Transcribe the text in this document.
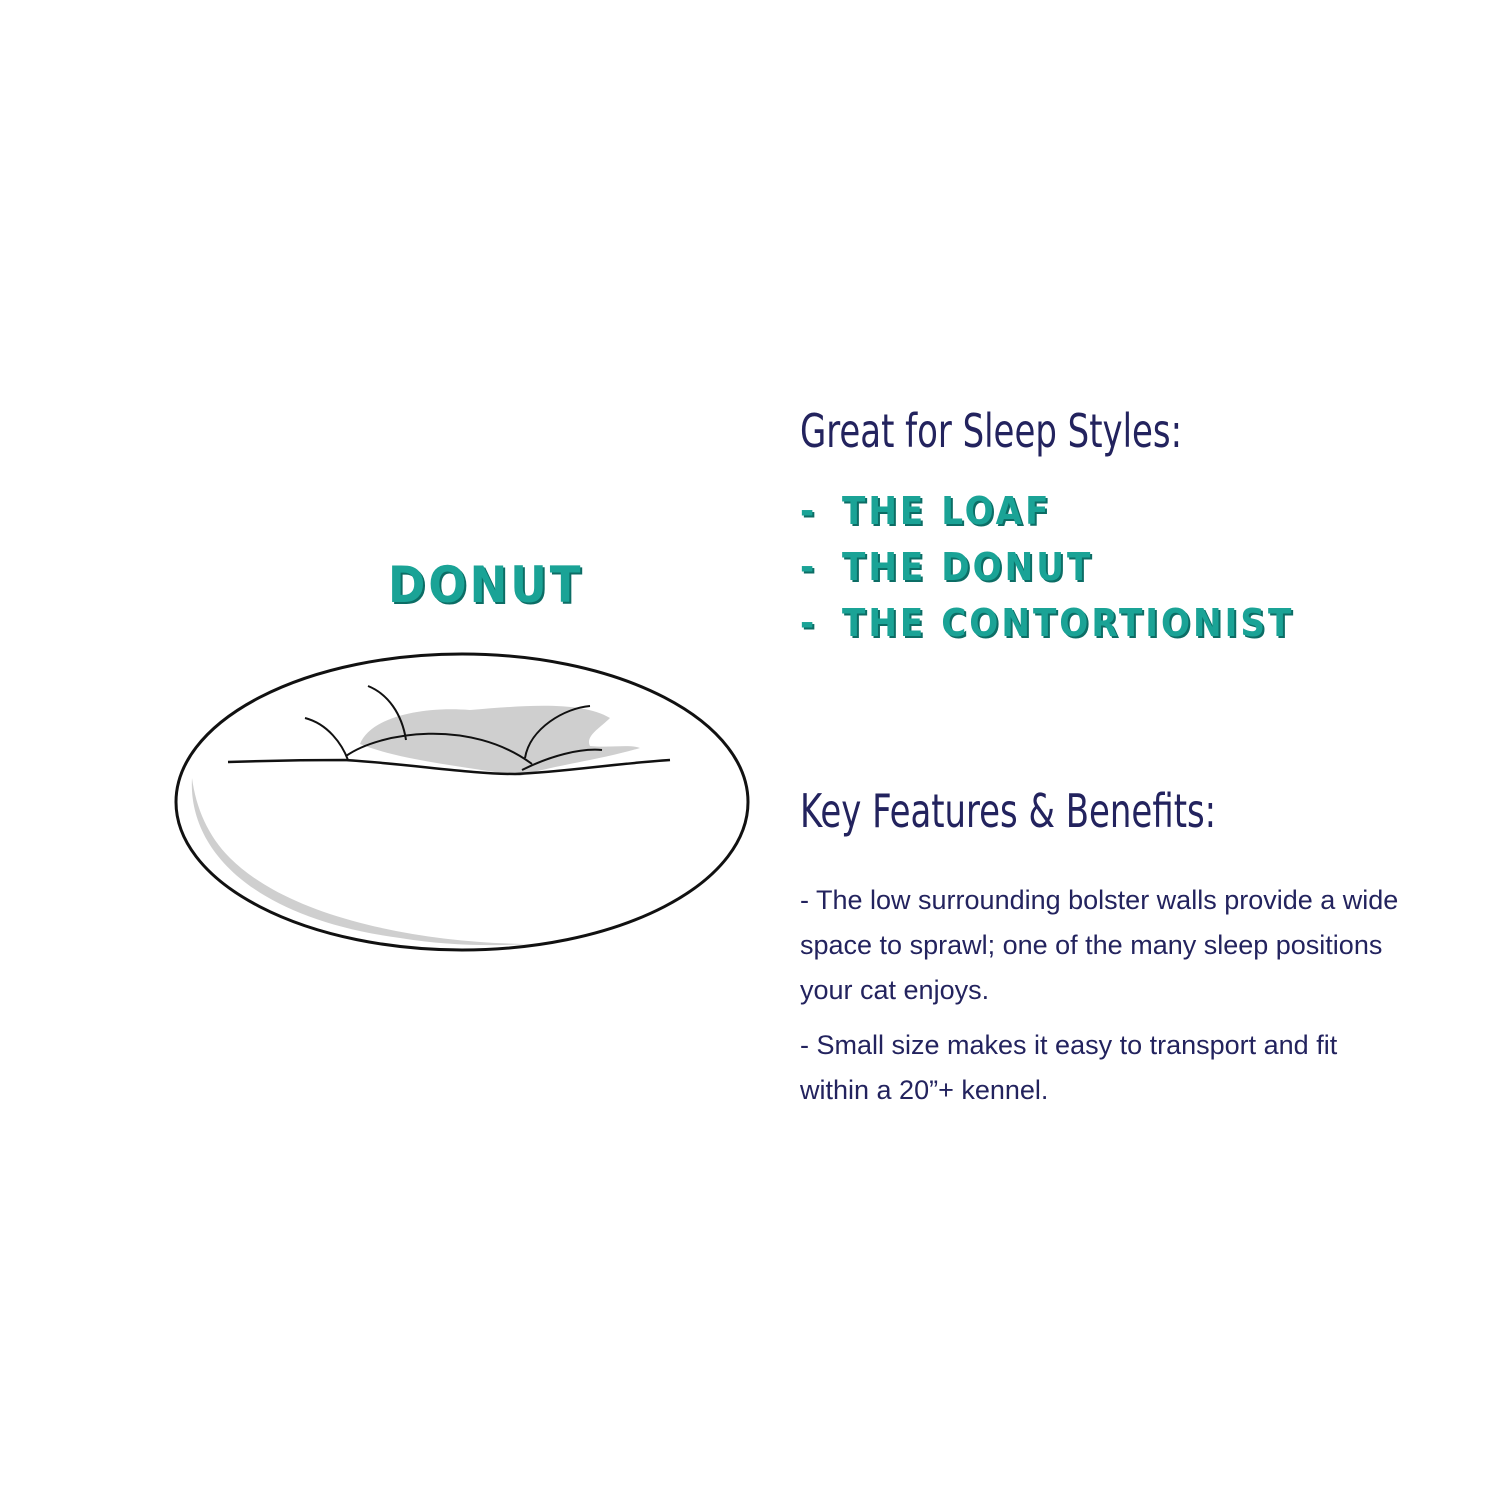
DONUT
Great for Sleep Styles:
- THE LOAF
- THE DONUT
- THE CONTORTIONIST
Key Features & Benefits:

- The low surrounding bolster walls provide a wide space to sprawl; one of the many sleep positions your cat enjoys.

- Small size makes it easy to transport and fit within a 20”+ kennel.
